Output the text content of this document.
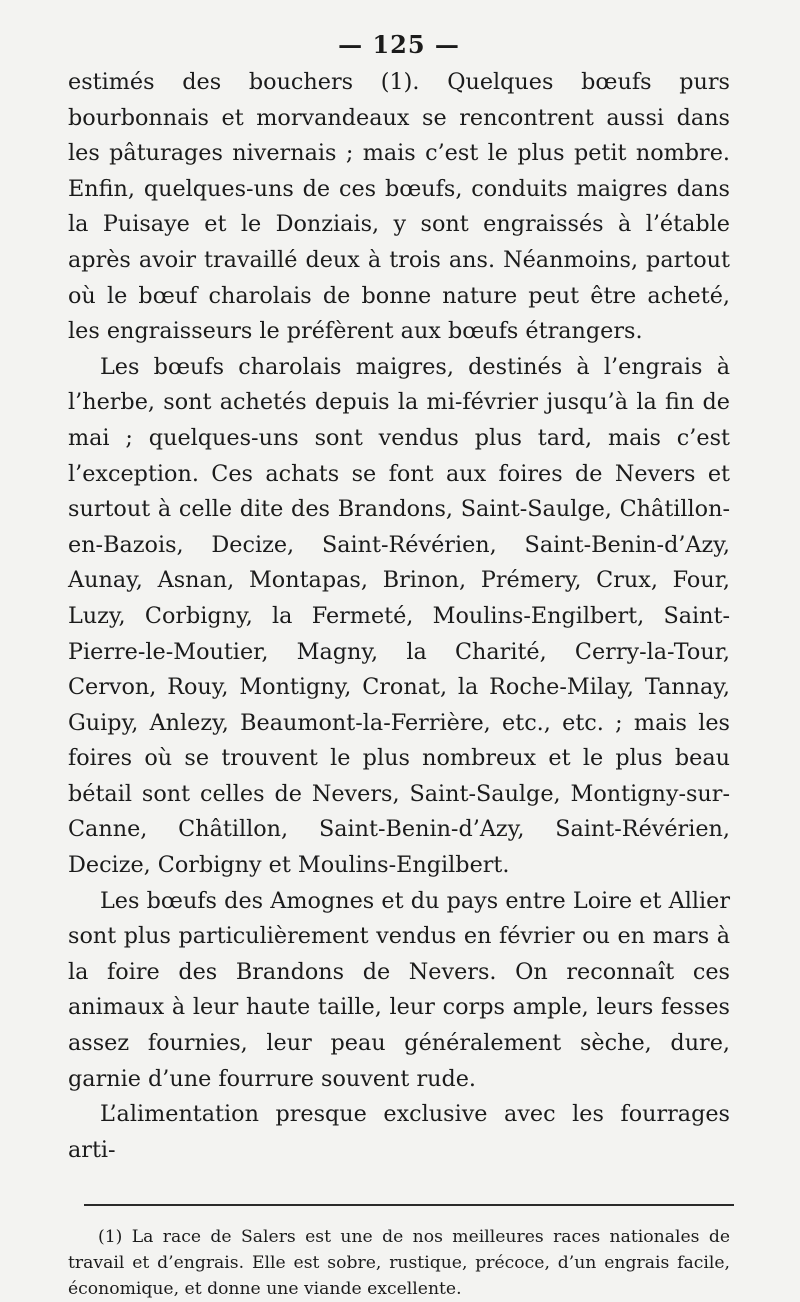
— 125 —

estimés des bouchers (1). Quelques bœufs purs bourbonnais et morvandeaux se rencontrent aussi dans les pâturages nivernais ; mais c’est le plus petit nombre. Enfin, quelques-uns de ces bœufs, conduits maigres dans la Puisaye et le Donziais, y sont engraissés à l’étable après avoir travaillé deux à trois ans. Néanmoins, partout où le bœuf charolais de bonne nature peut être acheté, les engraisseurs le préfèrent aux bœufs étrangers.

Les bœufs charolais maigres, destinés à l’engrais à l’herbe, sont achetés depuis la mi-février jusqu’à la fin de mai ; quelques-uns sont vendus plus tard, mais c’est l’exception. Ces achats se font aux foires de Nevers et surtout à celle dite des Brandons, Saint-Saulge, Châtillon-en-Bazois, Decize, Saint-Révérien, Saint-Benin-d’Azy, Aunay, Asnan, Montapas, Brinon, Prémery, Crux, Four, Luzy, Corbigny, la Fermeté, Moulins-Engilbert, Saint-Pierre-le-Moutier, Magny, la Charité, Cerry-la-Tour, Cervon, Rouy, Montigny, Cronat, la Roche-Milay, Tannay, Guipy, Anlezy, Beaumont-la-Ferrière, etc., etc. ; mais les foires où se trouvent le plus nombreux et le plus beau bétail sont celles de Nevers, Saint-Saulge, Montigny-sur-Canne, Châtillon, Saint-Benin-d’Azy, Saint-Révérien, Decize, Corbigny et Moulins-Engilbert.

Les bœufs des Amognes et du pays entre Loire et Allier sont plus particulièrement vendus en février ou en mars à la foire des Brandons de Nevers. On reconnaît ces animaux à leur haute taille, leur corps ample, leurs fesses assez fournies, leur peau généralement sèche, dure, garnie d’une fourrure souvent rude.

L’alimentation presque exclusive avec les fourrages arti-

(1) La race de Salers est une de nos meilleures races nationales de travail et d’engrais. Elle est sobre, rustique, précoce, d’un engrais facile, économique, et donne une viande excellente.
